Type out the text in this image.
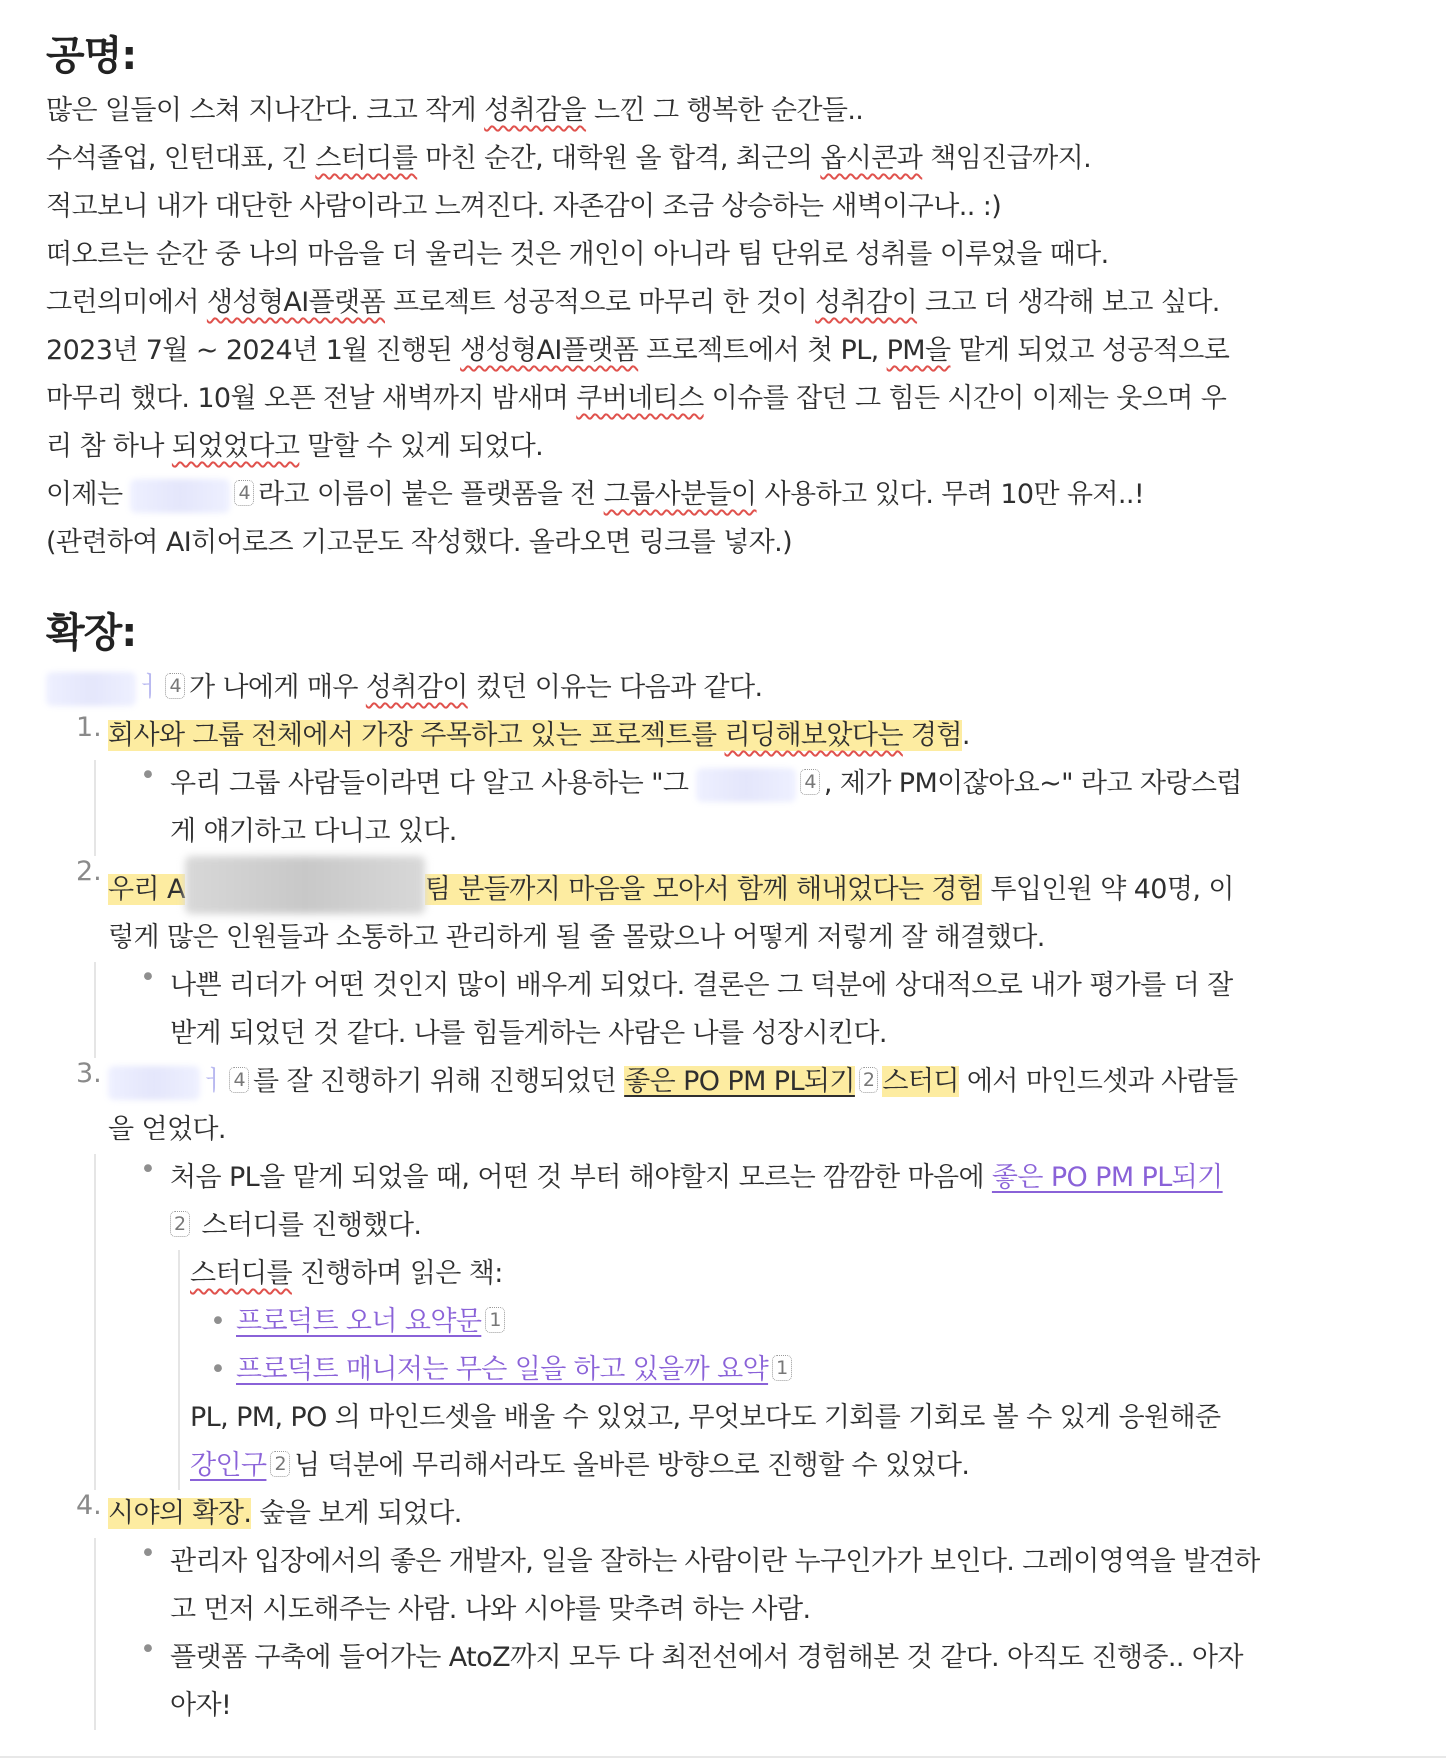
공명:

많은 일들이 스쳐 지나간다. 크고 작게 성취감을 느낀 그 행복한 순간들..

수석졸업, 인턴대표, 긴 스터디를 마친 순간, 대학원 올 합격, 최근의 옵시콘과 책임진급까지.

적고보니 내가 대단한 사람이라고 느껴진다. 자존감이 조금 상승하는 새벽이구나.. :)

떠오르는 순간 중 나의 마음을 더 울리는 것은 개인이 아니라 팀 단위로 성취를 이루었을 때다.

그런의미에서 생성형AI플랫폼 프로젝트 성공적으로 마무리 한 것이 성취감이 크고 더 생각해 보고 싶다.

2023년 7월 ~ 2024년 1월 진행된 생성형AI플랫폼 프로젝트에서 첫 PL, PM을 맡게 되었고 성공적으로

마무리 했다. 10월 오픈 전날 새벽까지 밤새며 쿠버네티스 이슈를 잡던 그 힘든 시간이 이제는 웃으며 우

리 참 하나 되었었다고 말할 수 있게 되었다.

이제는	4 라고 이름이 붙은 플랫폼을 전 그룹사분들이 사용하고 있다. 무려 10만 유저..!

(관련하여 AI히어로즈 기고문도 작성했다. 올라오면 링크를 넣자.)

확장:

ㅓ 4 가 나에게 매우 성취감이 컸던 이유는 다음과 같다.

1. 회사와 그룹 전체에서 가장 주목하고 있는 프로젝트를 리딩해보았다는 경험.

• 우리 그룹 사람들이라면 다 알고 사용하는 "그	4 , 제가 PM이잖아요~" 라고 자랑스럽

게 얘기하고 다니고 있다.

2.

우리 A	팀 분들까지 마음을 모아서 함께 해내었다는 경험 투입인원 약 40명, 이

렇게 많은 인원들과 소통하고 관리하게 될 줄 몰랐으나 어떻게 저렇게 잘 해결했다.

• 나쁜 리더가 어떤 것인지 많이 배우게 되었다. 결론은 그 덕분에 상대적으로 내가 평가를 더 잘

받게 되었던 것 같다. 나를 힘들게하는 사람은 나를 성장시킨다.

3.	ㅓ 4 를 잘 진행하기 위해 진행되었던 좋은 PO PM PL되기 2 스터디 에서 마인드셋과 사람들

을 얻었다.

• 처음 PL을 맡게 되었을 때, 어떤 것 부터 해야할지 모르는 깜깜한 마음에 좋은 PO PM PL되기

2 스터디를 진행했다.

스터디를 진행하며 읽은 책:

• 프로덕트 오너 요약문 1

• 프로덕트 매니저는 무슨 일을 하고 있을까 요약 1

PL, PM, PO 의 마인드셋을 배울 수 있었고, 무엇보다도 기회를 기회로 볼 수 있게 응원해준

강인구 2 님 덕분에 무리해서라도 올바른 방향으로 진행할 수 있었다.

4. 시야의 확장. 숲을 보게 되었다.

• 관리자 입장에서의 좋은 개발자, 일을 잘하는 사람이란 누구인가가 보인다. 그레이영역을 발견하

고 먼저 시도해주는 사람. 나와 시야를 맞추려 하는 사람.

• 플랫폼 구축에 들어가는 AtoZ까지 모두 다 최전선에서 경험해본 것 같다. 아직도 진행중.. 아자

아자!
